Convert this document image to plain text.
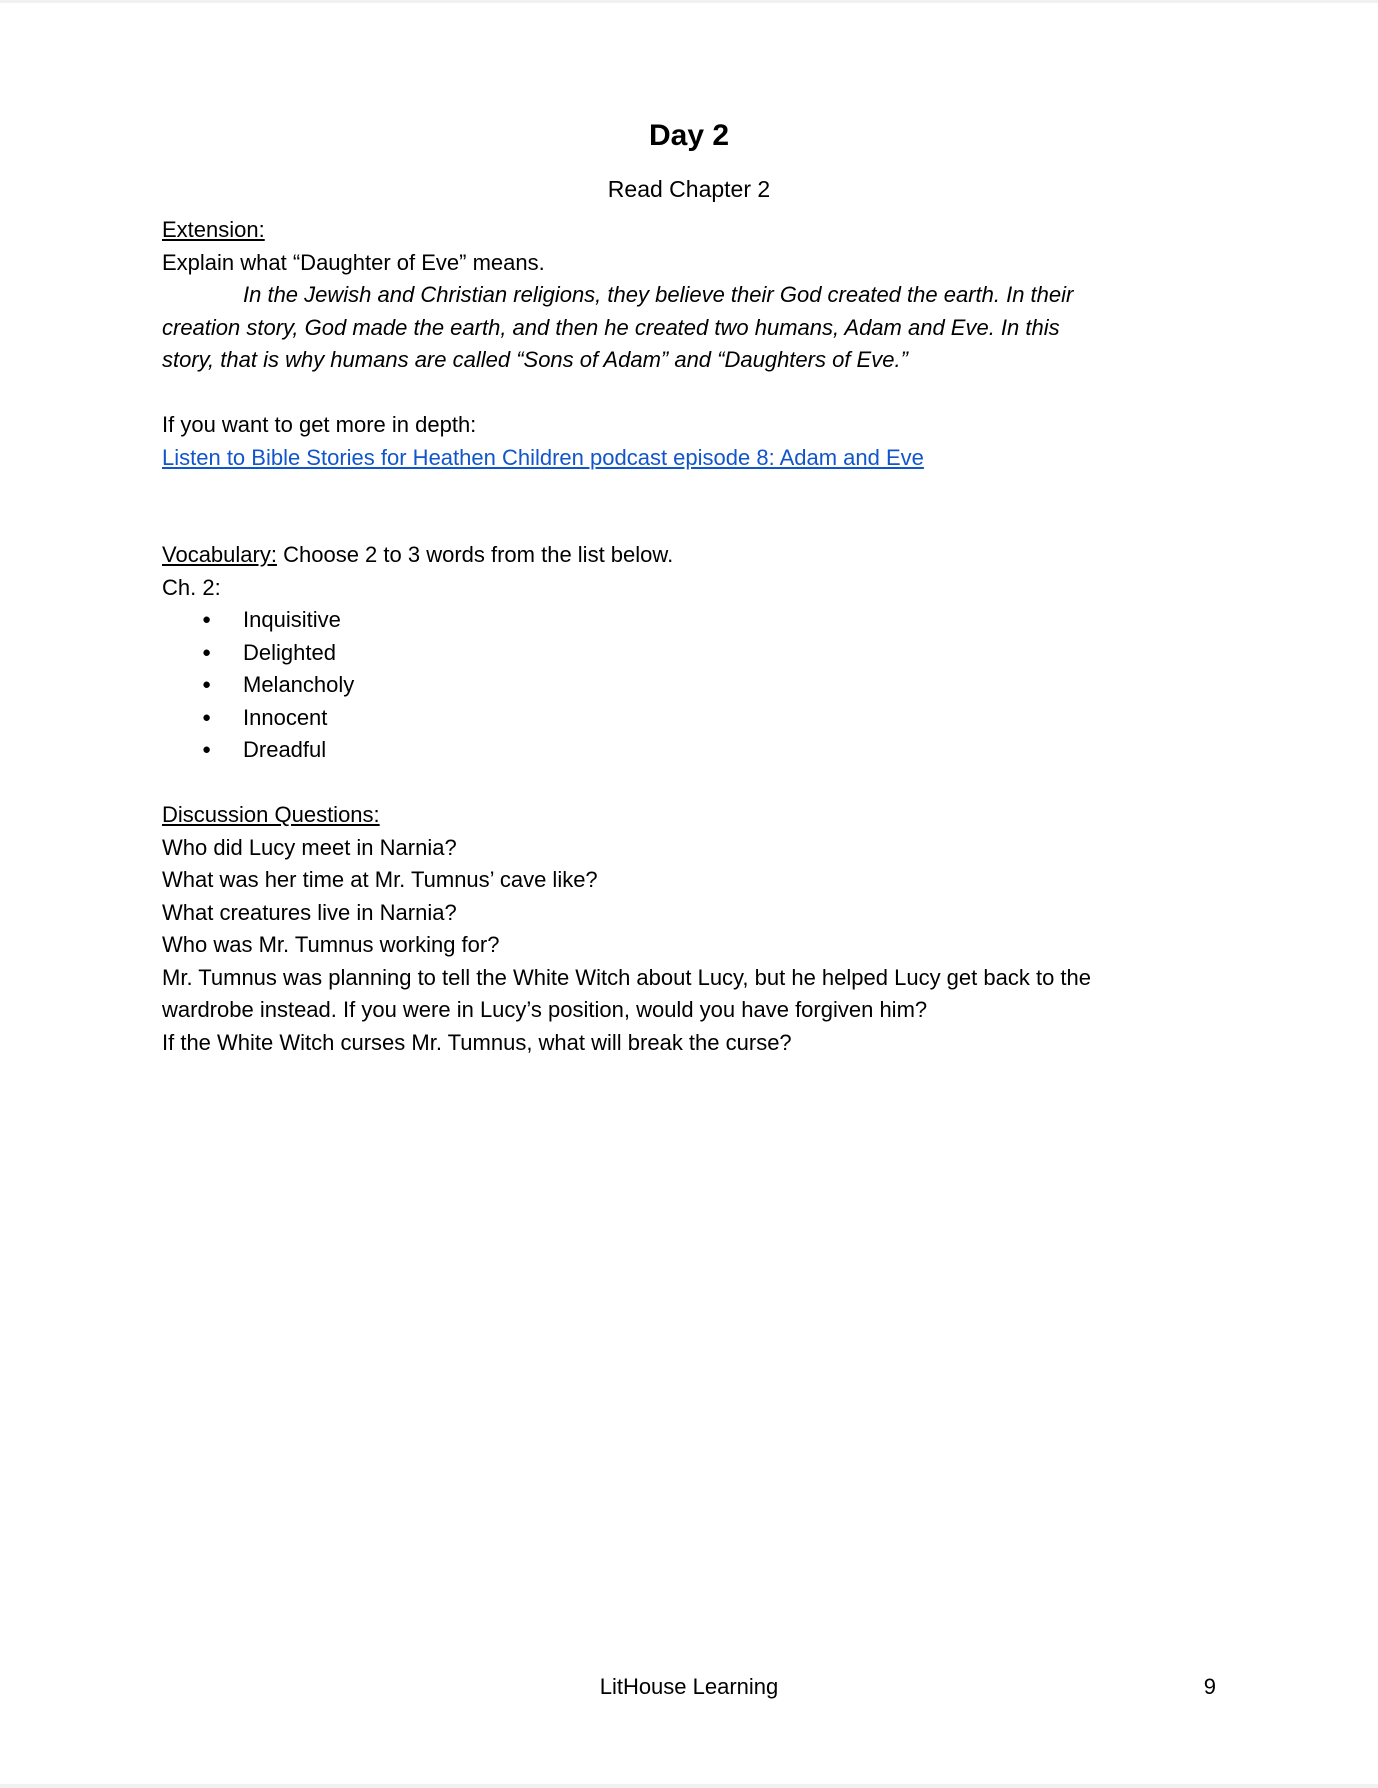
Day 2
Read Chapter 2

Extension:

Explain what “Daughter of Eve” means.

In the Jewish and Christian religions, they believe their God created the earth. In their

creation story, God made the earth, and then he created two humans, Adam and Eve. In this

story, that is why humans are called “Sons of Adam” and “Daughters of Eve.”

If you want to get more in depth:

Listen to Bible Stories for Heathen Children podcast episode 8: Adam and Eve

Vocabulary: Choose 2 to 3 words from the list below.

Ch. 2:

● Inquisitive
● Delighted
● Melancholy
● Innocent
● Dreadful

Discussion Questions:

Who did Lucy meet in Narnia?

What was her time at Mr. Tumnus’ cave like?

What creatures live in Narnia?

Who was Mr. Tumnus working for?

Mr. Tumnus was planning to tell the White Witch about Lucy, but he helped Lucy get back to the

wardrobe instead. If you were in Lucy’s position, would you have forgiven him?

If the White Witch curses Mr. Tumnus, what will break the curse?

LitHouse Learning	9
